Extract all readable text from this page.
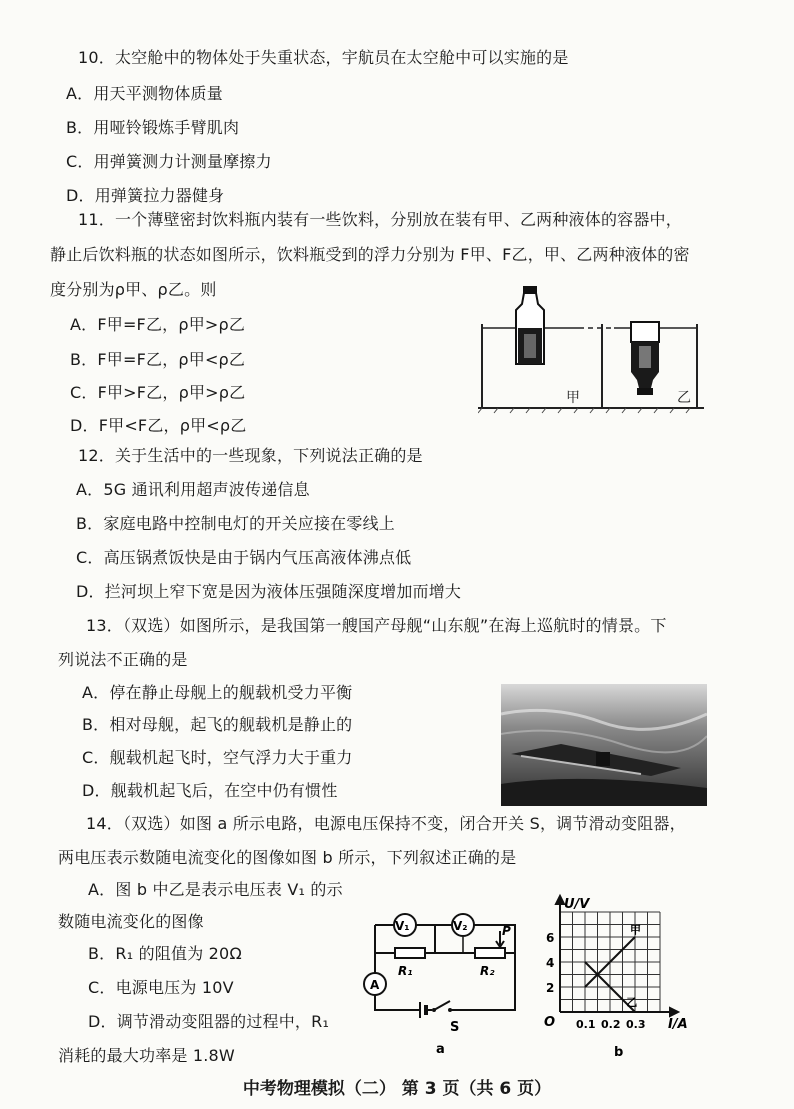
10．太空舱中的物体处于失重状态，宇航员在太空舱中可以实施的是
A．用天平测物体质量
B．用哑铃锻炼手臂肌肉
C．用弹簧测力计测量摩擦力
D．用弹簧拉力器健身
11．一个薄壁密封饮料瓶内装有一些饮料，分别放在装有甲、乙两种液体的容器中，
静止后饮料瓶的状态如图所示，饮料瓶受到的浮力分别为 F甲、F乙，甲、乙两种液体的密
度分别为ρ甲、ρ乙。则
A．F甲=F乙，ρ甲>ρ乙
B．F甲=F乙，ρ甲<ρ乙
C．F甲>F乙，ρ甲>ρ乙
D．F甲<F乙，ρ甲<ρ乙
甲	乙
12．关于生活中的一些现象，下列说法正确的是
A．5G 通讯利用超声波传递信息
B．家庭电路中控制电灯的开关应接在零线上
C．高压锅煮饭快是由于锅内气压高液体沸点低
D．拦河坝上窄下宽是因为液体压强随深度增加而增大
13．（双选）如图所示，是我国第一艘国产母舰“山东舰”在海上巡航时的情景。下
列说法不正确的是
A．停在静止母舰上的舰载机受力平衡
B．相对母舰，起飞的舰载机是静止的
C．舰载机起飞时，空气浮力大于重力
D．舰载机起飞后，在空中仍有惯性
14．（双选）如图 a 所示电路，电源电压保持不变，闭合开关 S，调节滑动变阻器，
两电压表示数随电流变化的图像如图 b 所示，下列叙述正确的是
A．图 b 中乙是表示电压表 V₁ 的示
数随电流变化的图像
B．R₁ 的阻值为 20Ω
C．电源电压为 10V
D．调节滑动变阻器的过程中，R₁
消耗的最大功率是 1.8W
V₁	V₂
R₁
P
R₂
A
S
a
U/V
I/A
O
2
4
6
0.1 0.2 0.3
甲
乙
b
中考物理模拟（二） 第 3 页（共 6 页）
